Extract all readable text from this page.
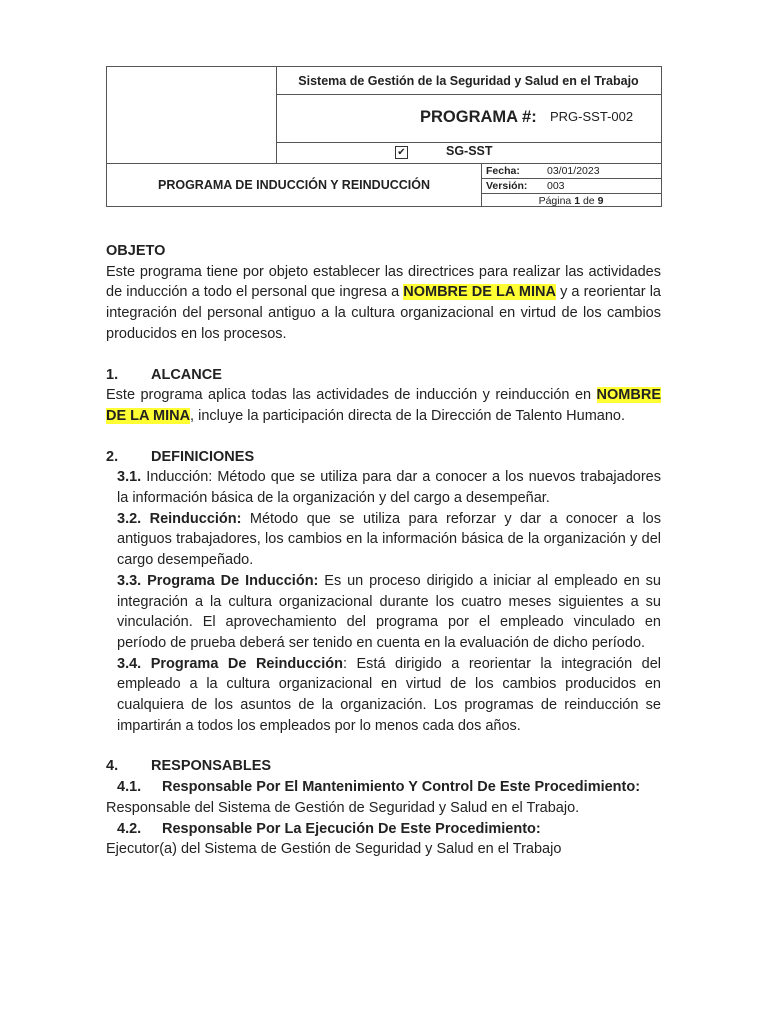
Sistema de Gestión de la Seguridad y Salud en el Trabajo
PROGRAMA #: PRG-SST-002
✔	SG-SST
PROGRAMA DE INDUCCIÓN Y REINDUCCIÓN
Fecha:	03/01/2023
Versión: 003
Página 1 de 9

OBJETO

Este programa tiene por objeto establecer las directrices para realizar las actividades de inducción a todo el personal que ingresa a NOMBRE DE LA MINA y a reorientar la integración del personal antiguo a la cultura organizacional en virtud de los cambios producidos en los procesos.

1. ALCANCE

Este programa aplica todas las actividades de inducción y reinducción en NOMBRE DE LA MINA, incluye la participación directa de la Dirección de Talento Humano.

2. DEFINICIONES

3.1. Inducción: Método que se utiliza para dar a conocer a los nuevos trabajadores la información básica de la organización y del cargo a desempeñar.

3.2. Reinducción: Método que se utiliza para reforzar y dar a conocer a los antiguos trabajadores, los cambios en la información básica de la organización y del cargo desempeñado.

3.3. Programa De Inducción: Es un proceso dirigido a iniciar al empleado en su integración a la cultura organizacional durante los cuatro meses siguientes a su vinculación. El aprovechamiento del programa por el empleado vinculado en período de prueba deberá ser tenido en cuenta en la evaluación de dicho período.

3.4. Programa De Reinducción: Está dirigido a reorientar la integración del empleado a la cultura organizacional en virtud de los cambios producidos en cualquiera de los asuntos de la organización. Los programas de reinducción se impartirán a todos los empleados por lo menos cada dos años.

4. RESPONSABLES

4.1. Responsable Por El Mantenimiento Y Control De Este Procedimiento:

Responsable del Sistema de Gestión de Seguridad y Salud en el Trabajo.

4.2. Responsable Por La Ejecución De Este Procedimiento:

Ejecutor(a) del Sistema de Gestión de Seguridad y Salud en el Trabajo
